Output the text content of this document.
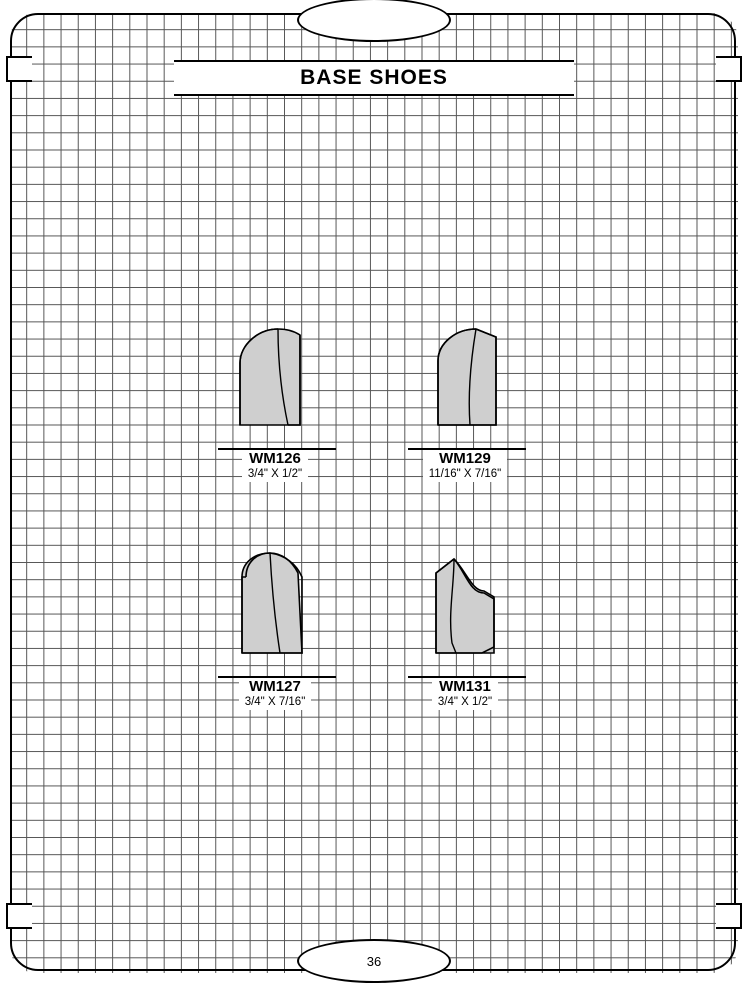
BASE SHOES
WM126
3/4" X 1/2"
WM129
11/16" X 7/16"
WM127
3/4" X 7/16"
WM131
3/4" X 1/2"
36
